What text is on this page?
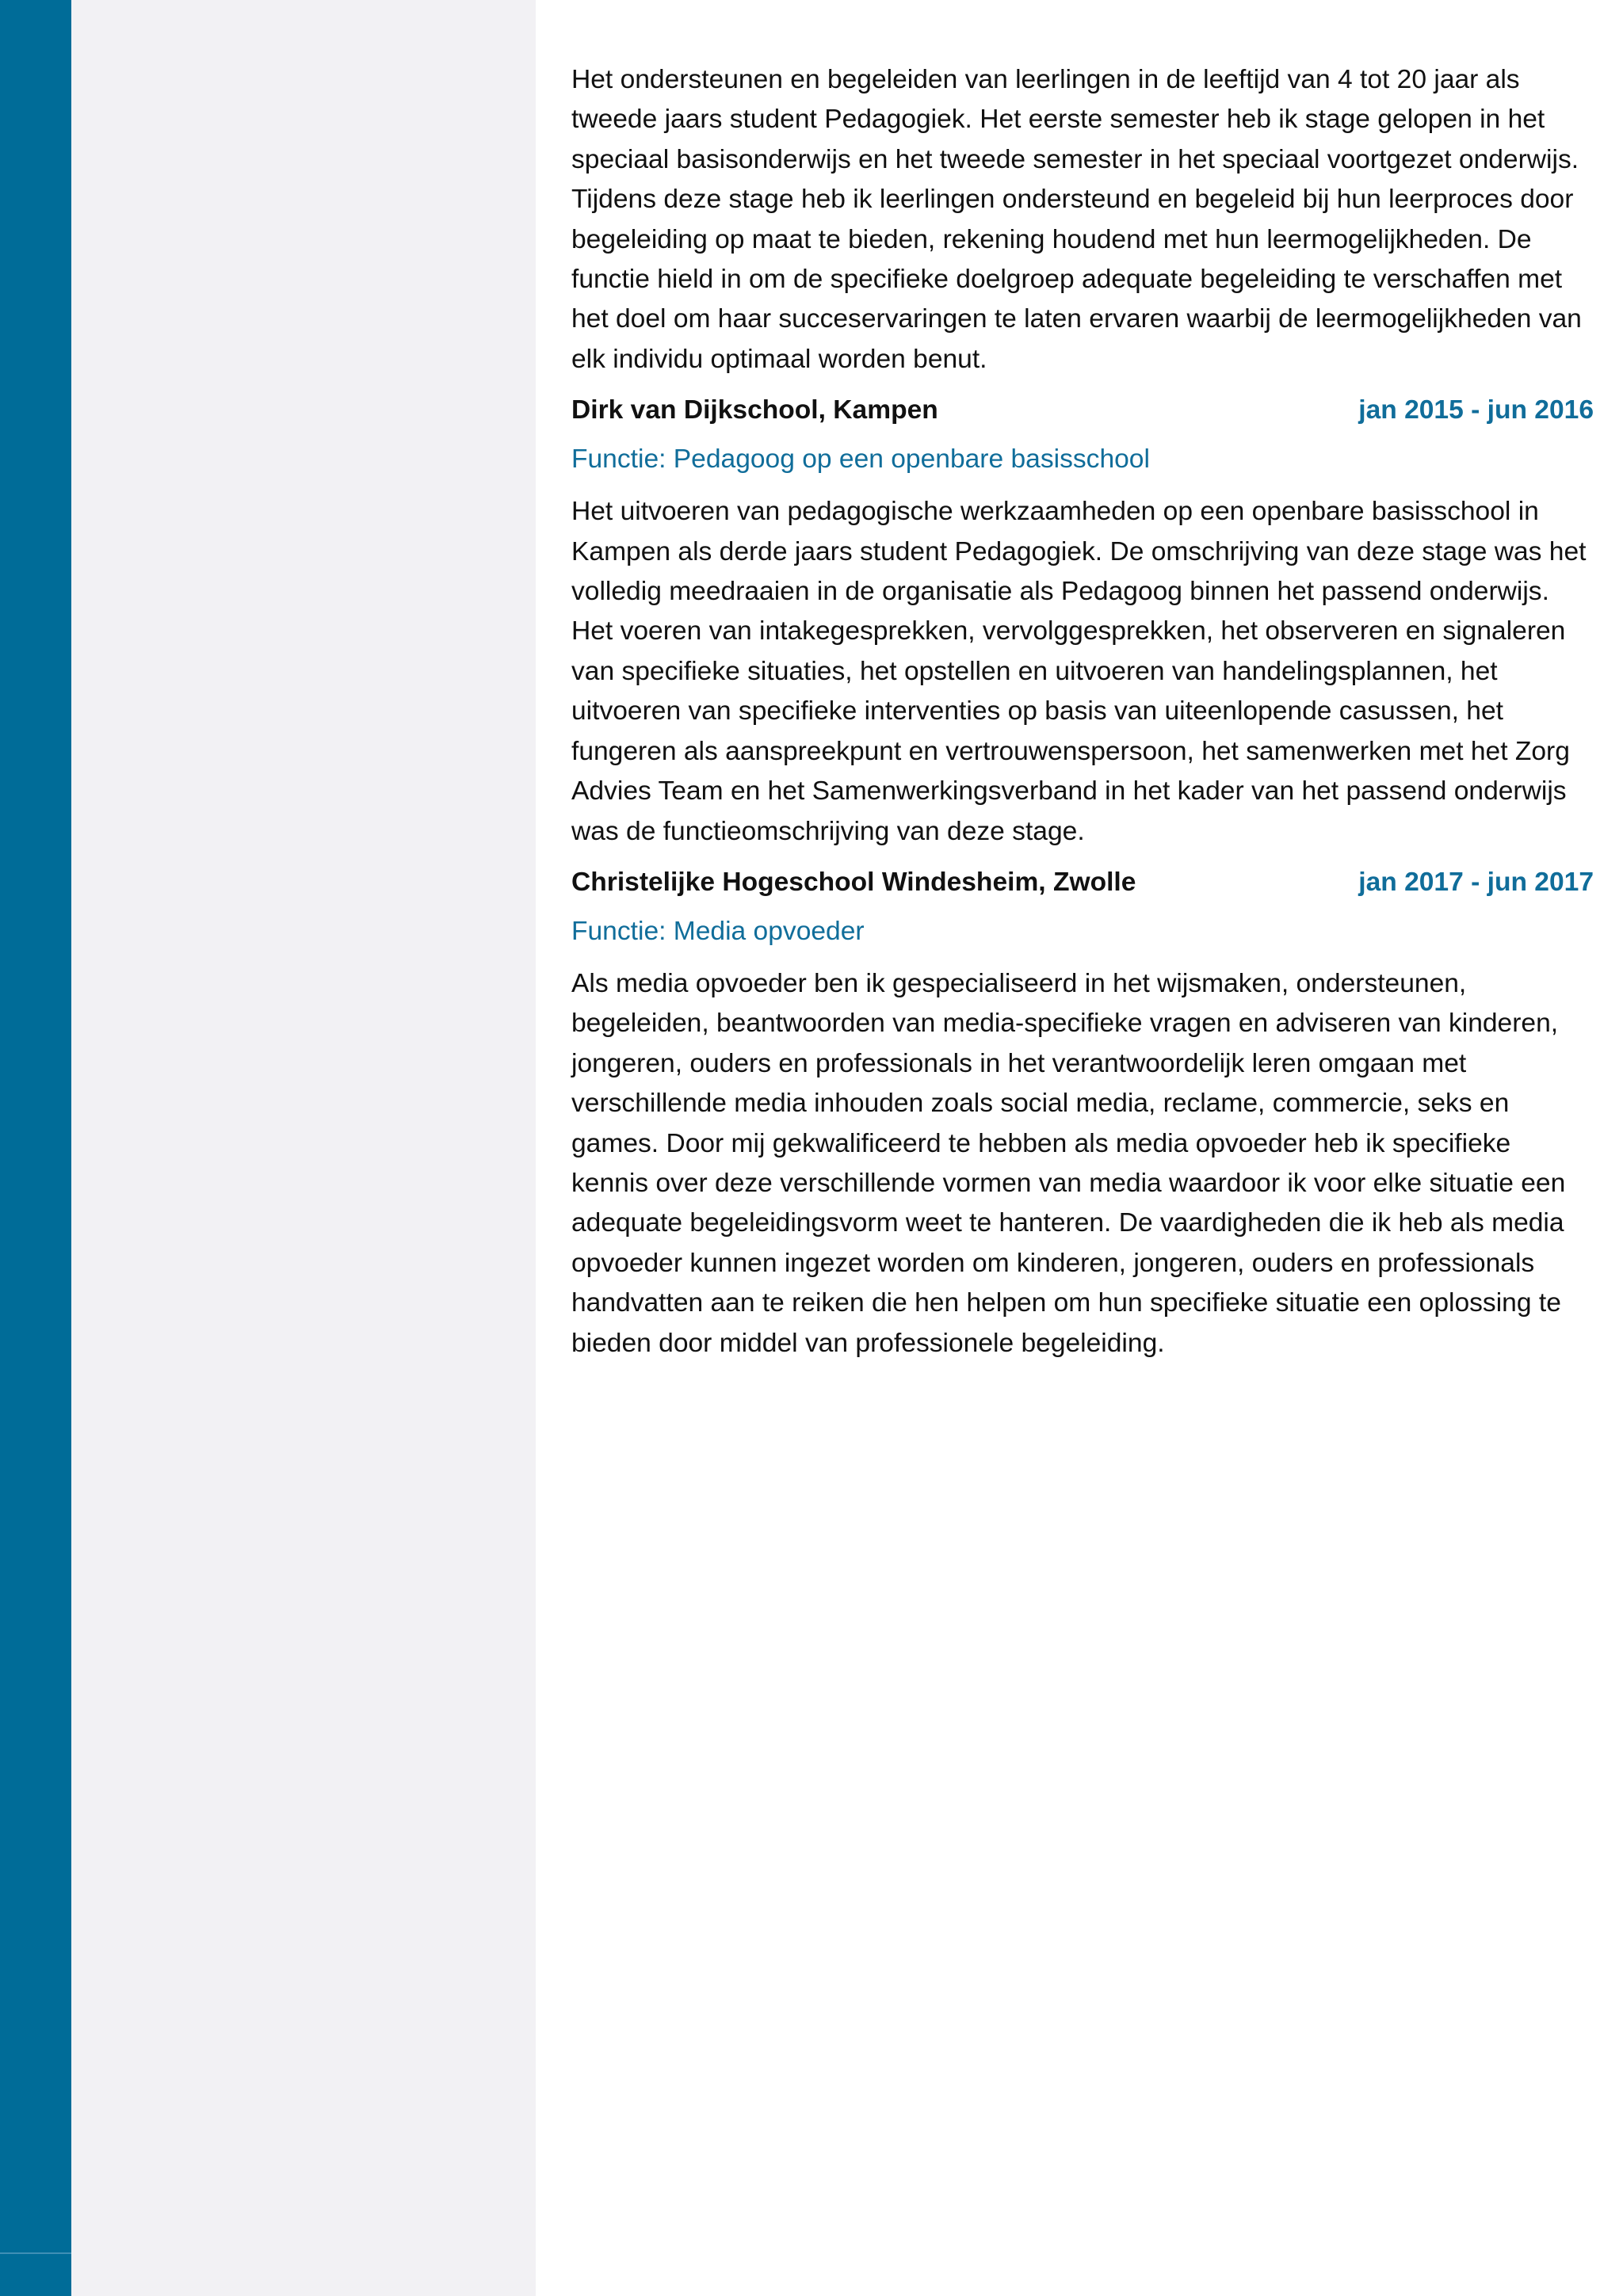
Het ondersteunen en begeleiden van leerlingen in de leeftijd van 4 tot 20 jaar als tweede jaars student Pedagogiek. Het eerste semester heb ik stage gelopen in het speciaal basisonderwijs en het tweede semester in het speciaal voortgezet onderwijs. Tijdens deze stage heb ik leerlingen ondersteund en begeleid bij hun leerproces door begeleiding op maat te bieden, rekening houdend met hun leermogelijkheden. De functie hield in om de specifieke doelgroep adequate begeleiding te verschaffen met het doel om haar succeservaringen te laten ervaren waarbij de leermogelijkheden van elk individu optimaal worden benut.

Dirk van Dijkschool, Kampen	jan 2015 - jun 2016
Functie: Pedagoog op een openbare basisschool

Het uitvoeren van pedagogische werkzaamheden op een openbare basisschool in Kampen als derde jaars student Pedagogiek. De omschrijving van deze stage was het volledig meedraaien in de organisatie als Pedagoog binnen het passend onderwijs. Het voeren van intakegesprekken, vervolggesprekken, het observeren en signaleren van specifieke situaties, het opstellen en uitvoeren van handelingsplannen, het uitvoeren van specifieke interventies op basis van uiteenlopende casussen, het fungeren als aanspreekpunt en vertrouwenspersoon, het samenwerken met het Zorg Advies Team en het Samenwerkingsverband in het kader van het passend onderwijs was de functieomschrijving van deze stage.

Christelijke Hogeschool Windesheim, Zwolle	jan 2017 - jun 2017
Functie: Media opvoeder

Als media opvoeder ben ik gespecialiseerd in het wijsmaken, ondersteunen, begeleiden, beantwoorden van media-specifieke vragen en adviseren van kinderen, jongeren, ouders en professionals in het verantwoordelijk leren omgaan met verschillende media inhouden zoals social media, reclame, commercie, seks en games. Door mij gekwalificeerd te hebben als media opvoeder heb ik specifieke kennis over deze verschillende vormen van media waardoor ik voor elke situatie een adequate begeleidingsvorm weet te hanteren. De vaardigheden die ik heb als media opvoeder kunnen ingezet worden om kinderen, jongeren, ouders en professionals handvatten aan te reiken die hen helpen om hun specifieke situatie een oplossing te bieden door middel van professionele begeleiding.
